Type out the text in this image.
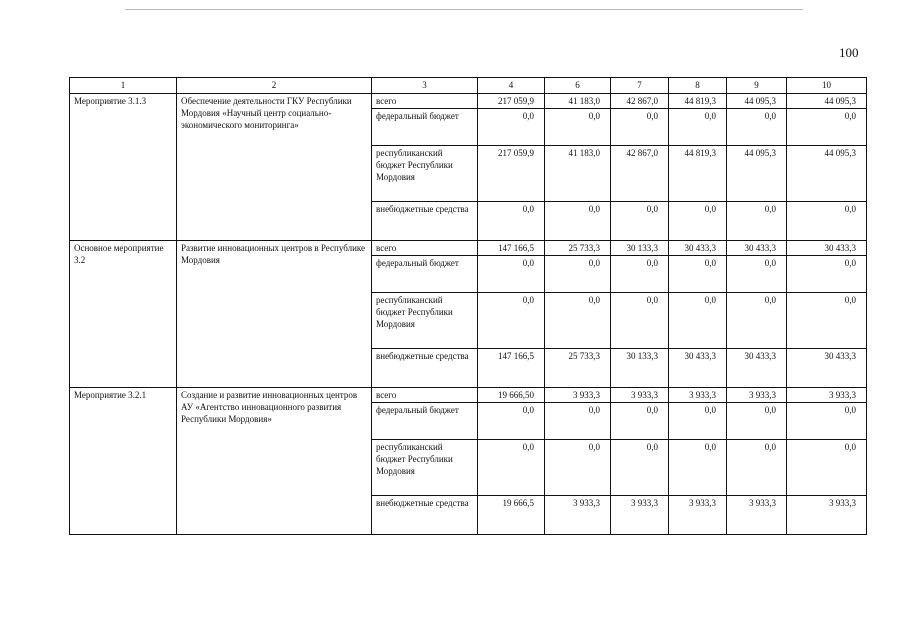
100
1	2	3	4	6	7	8	9	10
Мероприятие 3.1.3	Обеспечение деятельности ГКУ Республики Мордовия «Научный центр социально-экономического мониторинга»	всего	217 059,9	41 183,0	42 867,0	44 819,3	44 095,3	44 095,3
		федеральный бюджет	0,0	0,0	0,0	0,0	0,0	0,0
		республиканский бюджет Республики Мордовия	217 059,9	41 183,0	42 867,0	44 819,3	44 095,3	44 095,3
		внебюджетные средства	0,0	0,0	0,0	0,0	0,0	0,0
Основное мероприятие 3.2	Развитие инновационных центров в Республике Мордовия	всего	147 166,5	25 733,3	30 133,3	30 433,3	30 433,3	30 433,3
		федеральный бюджет	0,0	0,0	0,0	0,0	0,0	0,0
		республиканский бюджет Республики Мордовия	0,0	0,0	0,0	0,0	0,0	0,0
		внебюджетные средства	147 166,5	25 733,3	30 133,3	30 433,3	30 433,3	30 433,3
Мероприятие 3.2.1	Создание и развитие инновационных центров АУ «Агентство инновационного развития Республики Мордовия»	всего	19 666,50	3 933,3	3 933,3	3 933,3	3 933,3	3 933,3
		федеральный бюджет	0,0	0,0	0,0	0,0	0,0	0,0
		республиканский бюджет Республики Мордовия	0,0	0,0	0,0	0,0	0,0	0,0
		внебюджетные средства	19 666,5	3 933,3	3 933,3	3 933,3	3 933,3	3 933,3
